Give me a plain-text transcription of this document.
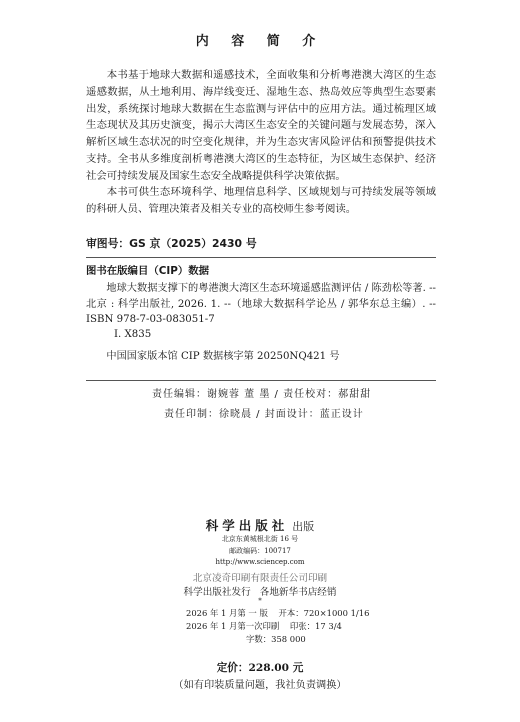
内 容 简 介

本书基于地球大数据和遥感技术，全面收集和分析粤港澳大湾区的生态遥感数据，从土地利用、海岸线变迁、湿地生态、热岛效应等典型生态要素出发，系统探讨地球大数据在生态监测与评估中的应用方法。通过梳理区域生态现状及其历史演变，揭示大湾区生态安全的关键问题与发展态势，深入解析区域生态状况的时空变化规律，并为生态灾害风险评估和预警提供技术支持。全书从多维度剖析粤港澳大湾区的生态特征，为区域生态保护、经济社会可持续发展及国家生态安全战略提供科学决策依据。

本书可供生态环境科学、地理信息科学、区域规划与可持续发展等领域的科研人员、管理决策者及相关专业的高校师生参考阅读。

审图号：GS 京（2025）2430 号
图书在版编目（CIP）数据

地球大数据支撑下的粤港澳大湾区生态环境遥感监测评估 / 陈劲松等著. -- 北京 : 科学出版社, 2026. 1. --（地球大数据科学论丛 / 郭华东总主编）. -- ISBN 978-7-03-083051-7

Ⅰ. X835
中国国家版本馆 CIP 数据核字第 20250NQ421 号
责任编辑：谢婉蓉 董 墨 / 责任校对：郝甜甜
责任印制：徐晓晨 / 封面设计：蓝正设计
科学出版社 出版
北京东黄城根北街 16 号
邮政编码：100717
http://www.sciencep.com
北京凌奇印刷有限责任公司印刷
科学出版社发行 各地新华书店经销
*
2026 年 1 月第 一 版 开本：720×1000 1/16
2026 年 1 月第一次印刷 印张：17 3/4
字数：358 000
定价：228.00 元
（如有印装质量问题，我社负责调换）
